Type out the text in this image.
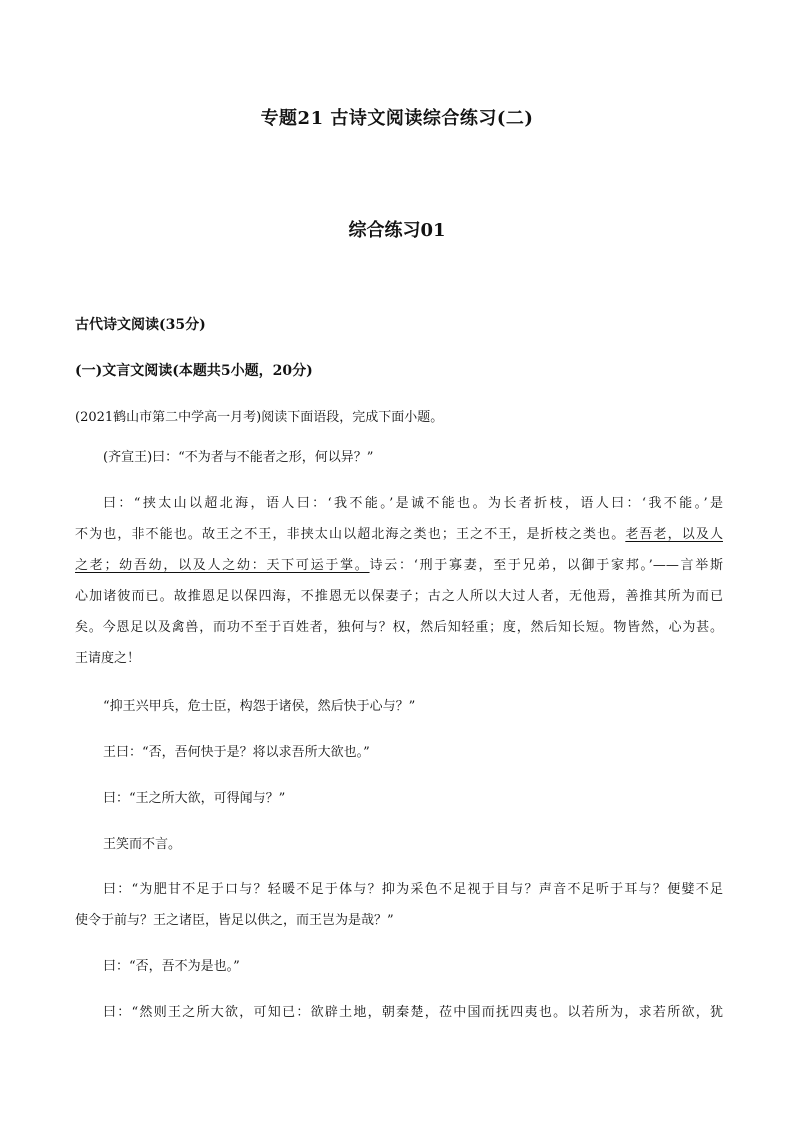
专题21 古诗文阅读综合练习(二)
综合练习01
古代诗文阅读(35分)
(一)文言文阅读(本题共5小题，20分)
(2021鹤山市第二中学高一月考)阅读下面语段，完成下面小题。
(齐宣王)曰：“不为者与不能者之形，何以异？”
曰：“挟太山以超北海，语人曰：‘我不能。’是诚不能也。为长者折枝，语人曰：‘我不能。’是
不为也，非不能也。故王之不王，非挟太山以超北海之类也；王之不王，是折枝之类也。老吾老，以及人
之老；幼吾幼，以及人之幼：天下可运于掌。诗云：‘刑于寡妻，至于兄弟，以御于家邦。’——言举斯
心加诸彼而已。故推恩足以保四海，不推恩无以保妻子；古之人所以大过人者，无他焉，善推其所为而已
矣。今恩足以及禽兽，而功不至于百姓者，独何与？权，然后知轻重；度，然后知长短。物皆然，心为甚。
王请度之！
“抑王兴甲兵，危士臣，构怨于诸侯，然后快于心与？”
王曰：“否，吾何快于是？将以求吾所大欲也。”
曰：“王之所大欲，可得闻与？”
王笑而不言。
曰：“为肥甘不足于口与？轻暖不足于体与？抑为采色不足视于目与？声音不足听于耳与？便嬖不足
使令于前与？王之诸臣，皆足以供之，而王岂为是哉？”
曰：“否，吾不为是也。”
曰：“然则王之所大欲，可知已：欲辟土地，朝秦楚，莅中国而抚四夷也。以若所为，求若所欲，犹
